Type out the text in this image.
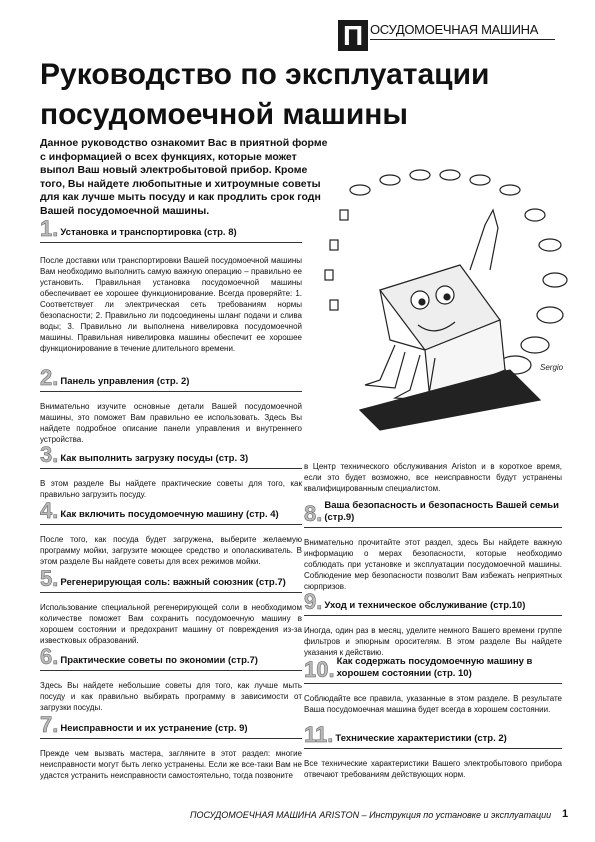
П ОСУДОМОЕЧНАЯ МАШИНА
Руководство по эксплуатации посудомоечной машины

Данное руководство ознакомит Вас в приятной форме с информацией о всех функциях, которые может выпол Ваш новый электробытовой прибор. Кроме того, Вы найдете любопытные и хитроумные советы для как лучше мыть посуду и как продлить срок годн Вашей посудомоечной машины.

Sergio
1. Установка и транспортировка (стр. 8)

После доставки или транспортировки Вашей посудомоечной машины Вам необходимо выполнить самую важную операцию – правильно ее установить. Правильная установка посудомоечной машины обеспечивает ее хорошее функционирование. Всегда проверяйте: 1. Соответствует ли электрическая сеть требованиям нормы безопасности; 2. Правильно ли подсоединены шланг подачи и слива воды; 3. Правильно ли выполнена нивелировка посудомоечной машины. Правильная нивелировка машины обеспечит ее хорошее функционирование в течение длительного времени.

2. Панель управления (стр. 2)

Внимательно изучите основные детали Вашей посудомоечной машины, это поможет Вам правильно ее использовать. Здесь Вы найдете подробное описание панели управления и внутреннего устройства.

3. Как выполнить загрузку посуды (стр. 3)

В этом разделе Вы найдете практические советы для того, как правильно загрузить посуду.

4. Как включить посудомоечную машину (стр. 4)

После того, как посуда будет загружена, выберите желаемую программу мойки, загрузите моющее средство и ополаскиватель. В этом разделе Вы найдете советы для всех режимов мойки.

5. Регенерирующая соль: важный союзник (стр.7)

Использование специальной регенерирующей соли в необходимом количестве поможет Вам сохранить посудомоечную машину в хорошем состоянии и предохранит машину от повреждения из-за известковых образований.

6. Практические советы по экономии (стр.7)

Здесь Вы найдете небольшие советы для того, как лучше мыть посуду и как правильно выбирать программу в зависимости от загрузки посуды.

7. Неисправности и их устранение (стр. 9)

Прежде чем вызвать мастера, загляните в этот раздел: многие неисправности могут быть легко устранены. Если же все-таки Вам не удастся устранить неисправности самостоятельно, тогда позвоните

в Центр технического обслуживания Ariston и в короткое время, если это будет возможно, все неисправности будут устранены квалифицированным специалистом.

8. Ваша безопасность и безопасность Вашей семьи (стр.9)

Внимательно прочитайте этот раздел, здесь Вы найдете важную информацию о мерах безопасности, которые необходимо соблюдать при установке и эксплуатации посудомоечной машины. Соблюдение мер безопасности позволит Вам избежать неприятных сюрпризов.

9. Уход и техническое обслуживание (стр.10)

Иногда, один раз в месяц, уделите немного Вашего времени группе фильтров и эпюрным оросителям. В этом разделе Вы найдете указания к действию.

10. Как содержать посудомоечную машину в хорошем состоянии (стр. 10)

Соблюдайте все правила, указанные в этом разделе. В результате Ваша посудомоечная машина будет всегда в хорошем состоянии.

11. Технические характеристики (стр. 2)

Все технические характеристики Вашего электробытового прибора отвечают требованиям действующих норм.

ПОСУДОМОЕЧНАЯ МАШИНА ARISTON – Инструкция по установке и эксплуатации 1
